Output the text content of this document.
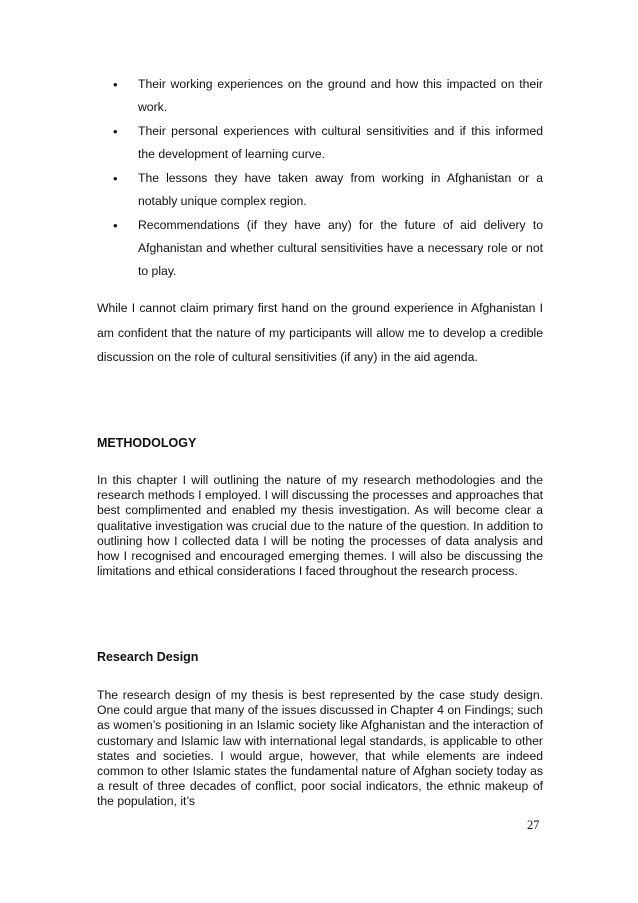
• Their working experiences on the ground and how this impacted on their work.
• Their personal experiences with cultural sensitivities and if this informed the development of learning curve.
• The lessons they have taken away from working in Afghanistan or a notably unique complex region.
• Recommendations (if they have any) for the future of aid delivery to Afghanistan and whether cultural sensitivities have a necessary role or not to play.

While I cannot claim primary first hand on the ground experience in Afghanistan I am confident that the nature of my participants will allow me to develop a credible discussion on the role of cultural sensitivities (if any) in the aid agenda.

METHODOLOGY

In this chapter I will outlining the nature of my research methodologies and the research methods I employed. I will discussing the processes and approaches that best complimented and enabled my thesis investigation. As will become clear a qualitative investigation was crucial due to the nature of the question. In addition to outlining how I collected data I will be noting the processes of data analysis and how I recognised and encouraged emerging themes. I will also be discussing the limitations and ethical considerations I faced throughout the research process.

Research Design

The research design of my thesis is best represented by the case study design. One could argue that many of the issues discussed in Chapter 4 on Findings; such as women’s positioning in an Islamic society like Afghanistan and the interaction of customary and Islamic law with international legal standards, is applicable to other states and societies. I would argue, however, that while elements are indeed common to other Islamic states the fundamental nature of Afghan society today as a result of three decades of conflict, poor social indicators, the ethnic makeup of the population, it’s

27
